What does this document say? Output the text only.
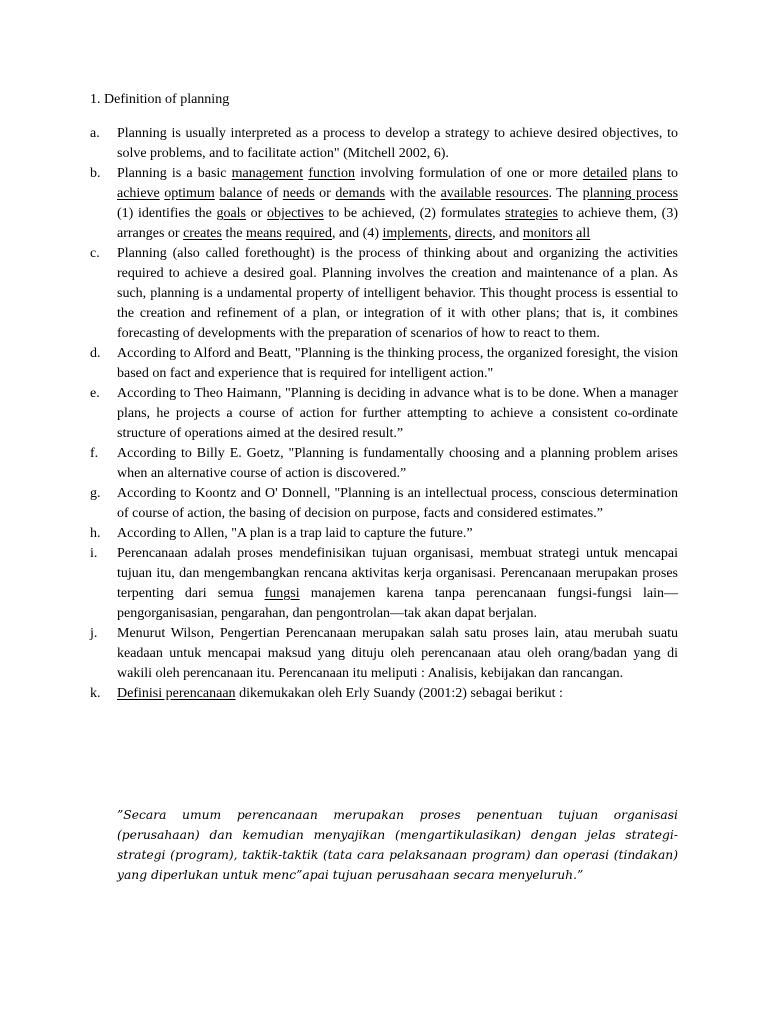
1. Definition of planning
a. Planning is usually interpreted as a process to develop a strategy to achieve desired objectives, to solve problems, and to facilitate action" (Mitchell 2002, 6).
b. Planning is a basic management function involving formulation of one or more detailed plans to achieve optimum balance of needs or demands with the available resources. The planning process (1) identifies the goals or objectives to be achieved, (2) formulates strategies to achieve them, (3) arranges or creates the means required, and (4) implements, directs, and monitors all
c. Planning (also called forethought) is the process of thinking about and organizing the activities required to achieve a desired goal. Planning involves the creation and maintenance of a plan. As such, planning is a undamental property of intelligent behavior. This thought process is essential to the creation and refinement of a plan, or integration of it with other plans; that is, it combines forecasting of developments with the preparation of scenarios of how to react to them.
d. According to Alford and Beatt, "Planning is the thinking process, the organized foresight, the vision based on fact and experience that is required for intelligent action."
e. According to Theo Haimann, "Planning is deciding in advance what is to be done. When a manager plans, he projects a course of action for further attempting to achieve a consistent co-ordinate structure of operations aimed at the desired result.”
f. According to Billy E. Goetz, "Planning is fundamentally choosing and a planning problem arises when an alternative course of action is discovered.”
g. According to Koontz and O' Donnell, "Planning is an intellectual process, conscious determination of course of action, the basing of decision on purpose, facts and considered estimates.”
h. According to Allen, "A plan is a trap laid to capture the future.”
i. Perencanaan adalah proses mendefinisikan tujuan organisasi, membuat strategi untuk mencapai tujuan itu, dan mengembangkan rencana aktivitas kerja organisasi. Perencanaan merupakan proses terpenting dari semua fungsi manajemen karena tanpa perencanaan fungsi-fungsi lain—pengorganisasian, pengarahan, dan pengontrolan—tak akan dapat berjalan.
j. Menurut Wilson, Pengertian Perencanaan merupakan salah satu proses lain, atau merubah suatu keadaan untuk mencapai maksud yang dituju oleh perencanaan atau oleh orang/badan yang di wakili oleh perencanaan itu. Perencanaan itu meliputi : Analisis, kebijakan dan rancangan.
k. Definisi perencanaan dikemukakan oleh Erly Suandy (2001:2) sebagai berikut :
”Secara umum perencanaan merupakan proses penentuan tujuan organisasi (perusahaan) dan kemudian menyajikan (mengartikulasikan) dengan jelas strategi-strategi (program), taktik-taktik (tata cara pelaksanaan program) dan operasi (tindakan) yang diperlukan untuk menc”apai tujuan perusahaan secara menyeluruh.”
